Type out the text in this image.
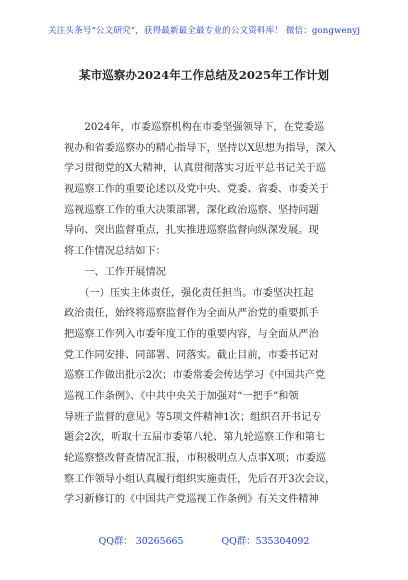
关注头条号“公文研究”，获得最新最全最专业的公文资料库！ 微信：gongwenyj
某市巡察办2024年工作总结及2025年工作计划
　　2024年，市委巡察机构在市委坚强领导下，在党委巡
视办和省委巡察办的精心指导下，坚持以X思想为指导，深入
学习贯彻党的X大精神，认真贯彻落实习近平总书记关于巡
视巡察工作的重要论述以及党中央、党委、省委、市委关于
巡视巡察工作的重大决策部署，深化政治巡察、坚持问题
导向、突出监督重点，扎实推进巡察监督向纵深发展。现
将工作情况总结如下：
　　一、工作开展情况
　　（一）压实主体责任，强化责任担当。市委坚决扛起
政治责任，始终将巡察监督作为全面从严治党的重要抓手
把巡察工作列入市委年度工作的重要内容，与全面从严治
党工作同安排、同部署、同落实。截止目前，市委书记对
巡察工作做出批示2次；市委常委会传达学习《中国共产党
巡视工作条例》、《中共中央关于加强对“一把手”和领
导班子监督的意见》等5项文件精神1次；组织召开书记专
题会2次，听取十五届市委第八轮、第九轮巡察工作和第七
轮巡察整改督查情况汇报，市积极明点人点事X项；市委巡
察工作领导小组认真履行组织实施责任，先后召开3次会议，
学习新修订的《中国共产党巡视工作条例》有关文件精神
QQ群： 30265665	QQ群：535304092
